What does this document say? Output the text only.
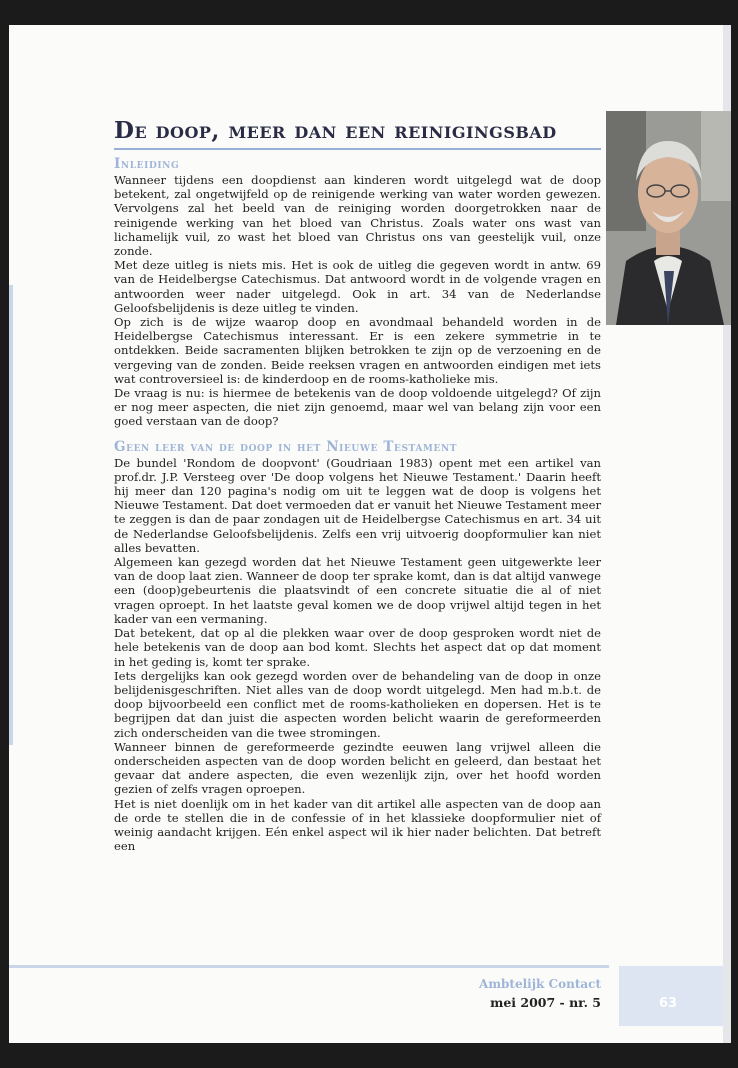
De doop, meer dan een reinigingsbad
Inleiding

Wanneer tijdens een doopdienst aan kinderen wordt uitgelegd wat de doop betekent, zal ongetwijfeld op de reinigende werking van water worden gewezen. Vervolgens zal het beeld van de reiniging worden doorgetrokken naar de reinigende werking van het bloed van Christus. Zoals water ons wast van lichamelijk vuil, zo wast het bloed van Christus ons van geestelijk vuil, onze zonde.

Met deze uitleg is niets mis. Het is ook de uitleg die gegeven wordt in antw. 69 van de Heidelbergse Catechismus. Dat antwoord wordt in de volgende vragen en antwoorden weer nader uitgelegd. Ook in art. 34 van de Nederlandse Geloofsbelijdenis is deze uitleg te vinden.

Op zich is de wijze waarop doop en avondmaal behandeld worden in de Heidelbergse Catechismus interessant. Er is een zekere symmetrie in te ontdekken. Beide sacramenten blijken betrokken te zijn op de verzoening en de vergeving van de zonden. Beide reeksen vragen en antwoorden eindigen met iets wat controversieel is: de kinderdoop en de rooms-katholieke mis.

De vraag is nu: is hiermee de betekenis van de doop voldoende uitgelegd? Of zijn er nog meer aspecten, die niet zijn genoemd, maar wel van belang zijn voor een goed verstaan van de doop?

Geen leer van de doop in het Nieuwe Testament

De bundel 'Rondom de doopvont' (Goudriaan 1983) opent met een artikel van prof.dr. J.P. Versteeg over 'De doop volgens het Nieuwe Testament.' Daarin heeft hij meer dan 120 pagina's nodig om uit te leggen wat de doop is volgens het Nieuwe Testament. Dat doet vermoeden dat er vanuit het Nieuwe Testament meer te zeggen is dan de paar zondagen uit de Heidelbergse Catechismus en art. 34 uit de Nederlandse Geloofsbelijdenis. Zelfs een vrij uitvoerig doopformulier kan niet alles bevatten.

Algemeen kan gezegd worden dat het Nieuwe Testament geen uitgewerkte leer van de doop laat zien. Wanneer de doop ter sprake komt, dan is dat altijd vanwege een (doop)gebeurtenis die plaatsvindt of een concrete situatie die al of niet vragen oproept. In het laatste geval komen we de doop vrijwel altijd tegen in het kader van een vermaning.

Dat betekent, dat op al die plekken waar over de doop gesproken wordt niet de hele betekenis van de doop aan bod komt. Slechts het aspect dat op dat moment in het geding is, komt ter sprake.

Iets dergelijks kan ook gezegd worden over de behandeling van de doop in onze belijdenisgeschriften. Niet alles van de doop wordt uitgelegd. Men had m.b.t. de doop bijvoorbeeld een conflict met de rooms-katholieken en dopersen. Het is te begrijpen dat dan juist die aspecten worden belicht waarin de gereformeerden zich onderscheiden van die twee stromingen.

Wanneer binnen de gereformeerde gezindte eeuwen lang vrijwel alleen die onderscheiden aspecten van de doop worden belicht en geleerd, dan bestaat het gevaar dat andere aspecten, die even wezenlijk zijn, over het hoofd worden gezien of zelfs vragen oproepen.

Het is niet doenlijk om in het kader van dit artikel alle aspecten van de doop aan de orde te stellen die in de confessie of in het klassieke doopformulier niet of weinig aandacht krijgen. Eén enkel aspect wil ik hier nader belichten. Dat betreft een

Ambtelijk Contact
mei 2007 - nr. 5	63
